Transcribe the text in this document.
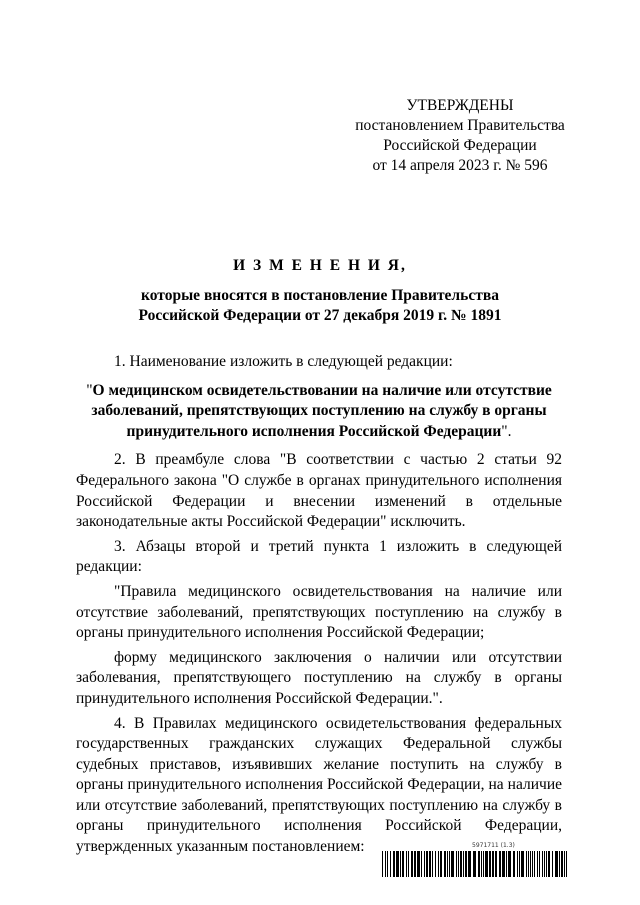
УТВЕРЖДЕНЫ
постановлением Правительства
Российской Федерации
от 14 апреля 2023 г. № 596
И З М Е Н Е Н И Я,
которые вносятся в постановление Правительства
Российской Федерации от 27 декабря 2019 г. № 1891

1. Наименование изложить в следующей редакции:

"О медицинском освидетельствовании на наличие или отсутствие заболеваний, препятствующих поступлению на службу в органы принудительного исполнения Российской Федерации".

2. В преамбуле слова "В соответствии с частью 2 статьи 92 Федерального закона "О службе в органах принудительного исполнения Российской Федерации и внесении изменений в отдельные законодательные акты Российской Федерации" исключить.

3. Абзацы второй и третий пункта 1 изложить в следующей редакции:

"Правила медицинского освидетельствования на наличие или отсутствие заболеваний, препятствующих поступлению на службу в органы принудительного исполнения Российской Федерации;

форму медицинского заключения о наличии или отсутствии заболевания, препятствующего поступлению на службу в органы принудительного исполнения Российской Федерации.".

4. В Правилах медицинского освидетельствования федеральных государственных гражданских служащих Федеральной службы судебных приставов, изъявивших желание поступить на службу в органы принудительного исполнения Российской Федерации, на наличие или отсутствие заболеваний, препятствующих поступлению на службу в органы принудительного исполнения Российской Федерации, утвержденных указанным постановлением:	5971711 (1.3)
